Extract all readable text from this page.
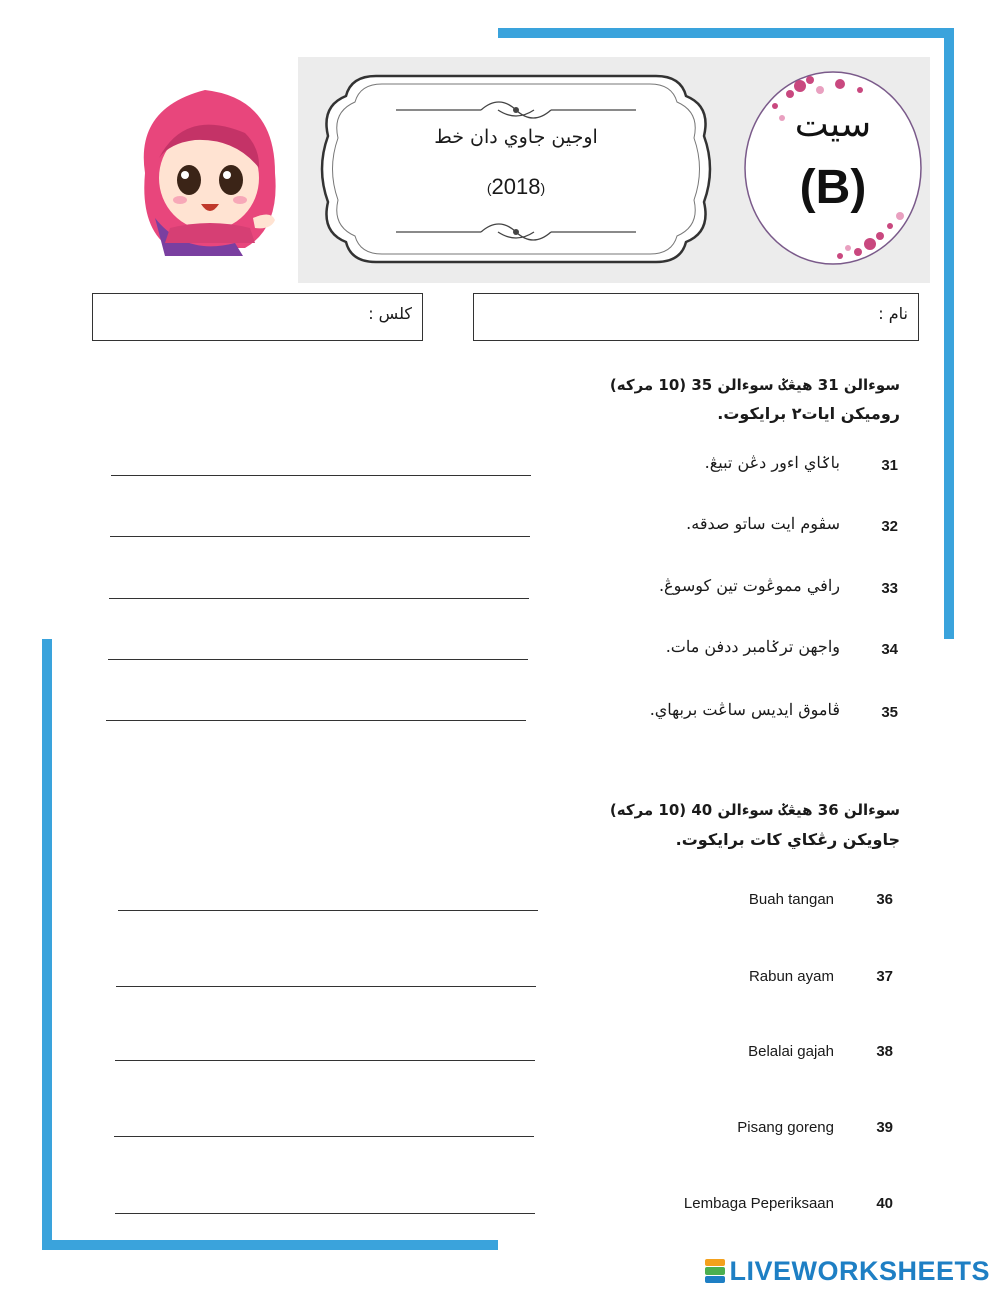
اوجين جاوي دان خط
(2018)
سيت
(B)
نام :
كلس :
سوءالن 31 هيڠݢ سوءالن 35 (10 مركه)
روميكن ايات٢ برايكوت.
31
باݢاي اءور دڠن تبيڠ.
32
سڤوم ايت ساتو صدقه.
33
رافي مموڠوت تين كوسوڠ.
34
واجهن ترݢامبر ددفن مات.
35
ڤاموق ايديس ساڠت بربهاي.
سوءالن 36 هيڠݢ سوءالن 40 (10 مركه)
جاويكن رڠكاي كات برايكوت.
36
Buah tangan
37
Rabun ayam
38
Belalai gajah
39
Pisang goreng
40
Lembaga Peperiksaan
LIVEWORKSHEETS
